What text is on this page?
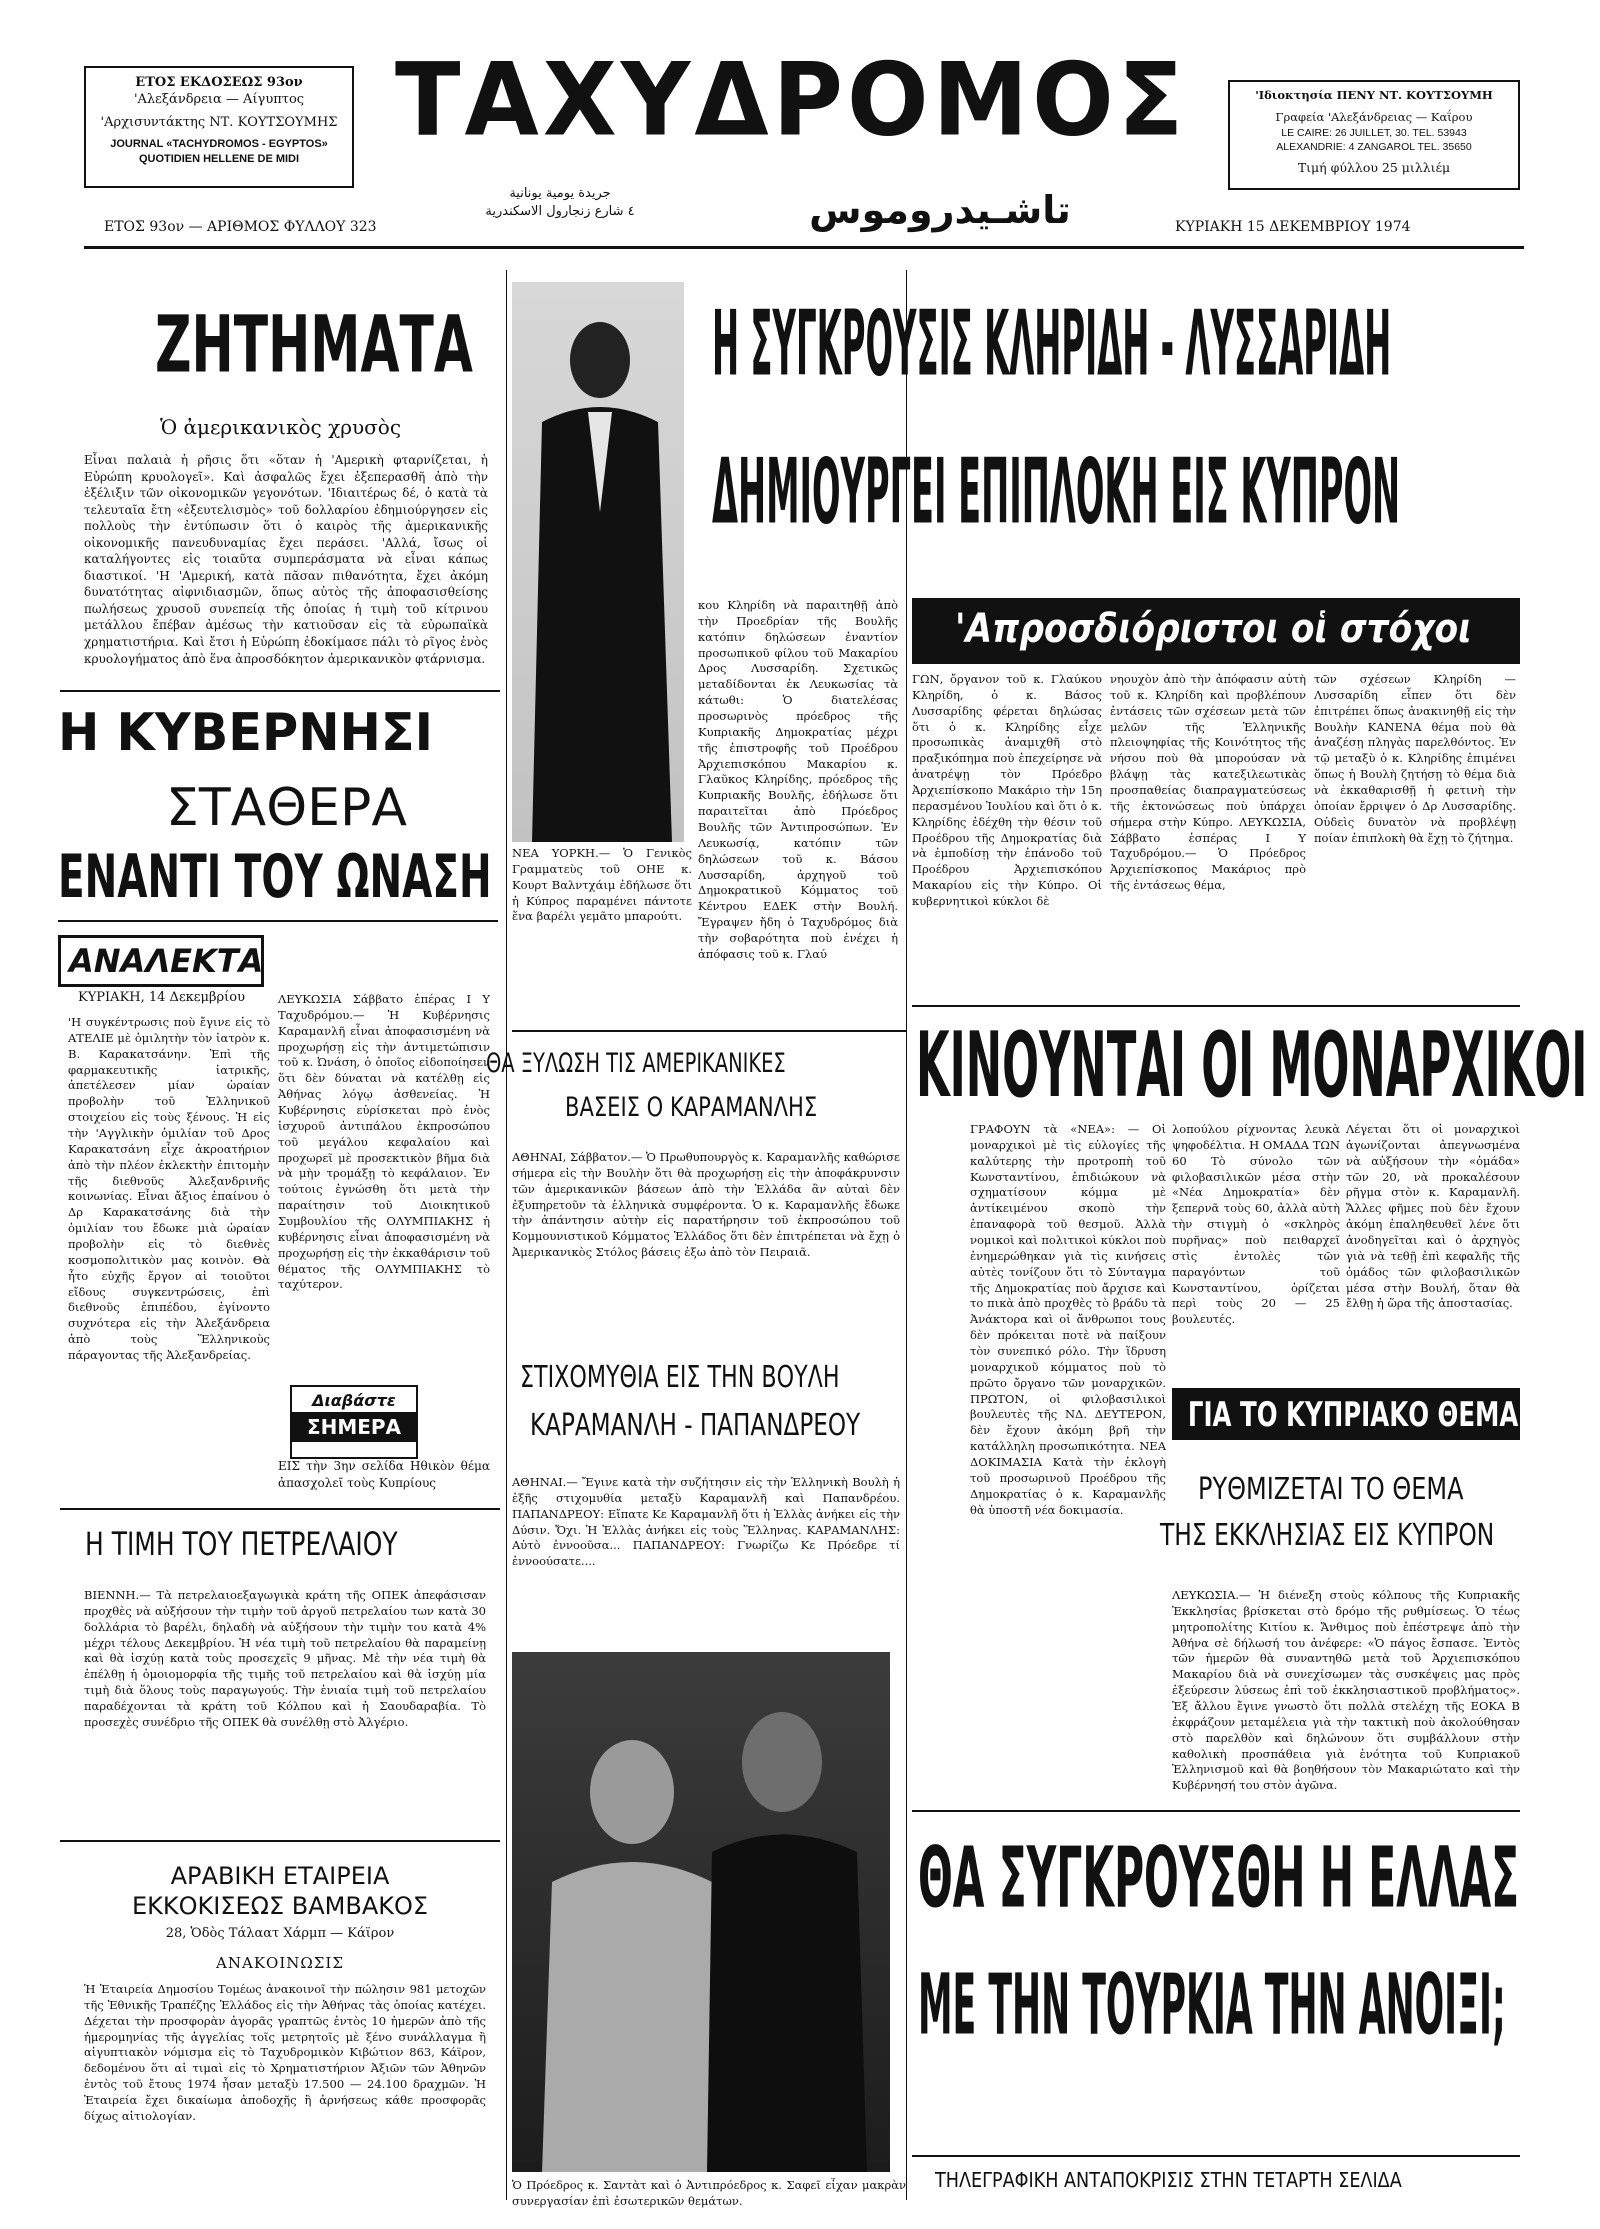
ΕΤΟΣ ΕΚΔΟΣΕΩΣ 93ον
'Αλεξάνδρεια — Αίγυπτος
'Αρχισυντάκτης ΝΤ. ΚΟΥΤΣΟΥΜΗΣ
JOURNAL «TACHYDROMOS - EGYPTOS»
QUOTIDIEN HELLENE DE MIDI
ΤΑΧΥΔΡΟΜΟΣ	'Ιδιοκτησία ΠΕΝΥ ΝΤ. ΚΟΥΤΣΟΥΜΗ
Γραφεία 'Αλεξάνδρειας — Καΐρου
LE CAIRE: 26 JUILLET, 30. TEL. 53943
ALEXANDRIE: 4 ZANGAROL TEL. 35650
Τιμή φύλλου 25 μιλλιέμ
جريدة يومية يونانية
٤ شارع زنجارول الاسكندرية	تاشـيدروموس
ΕΤΟΣ 93ον — ΑΡΙΘΜΟΣ ΦΥΛΛΟΥ 323	ΚΥΡΙΑΚΗ 15 ΔΕΚΕΜΒΡΙΟΥ 1974
ΖΗΤΗΜΑΤΑ
Ὁ ἀμερικανικὸς χρυσὸς
Εἶναι παλαιὰ ἡ ρῆσις ὅτι «ὅταν ἡ 'Αμερικὴ φταρνίζεται, ἡ Εὐρώπη κρυολογεῖ». Καὶ ἀσφαλῶς ἔχει ἐξεπερασθῆ ἀπὸ τὴν ἐξέλιξιν τῶν οἰκονομικῶν γεγονότων. 'Ιδιαιτέρως δέ, ὁ κατὰ τὰ τελευταῖα ἔτη «ἐξευτελισμὸς» τοῦ δολλαρίου ἐδημιούργησεν εἰς πολλοὺς τὴν ἐντύπωσιν ὅτι ὁ καιρὸς τῆς ἀμερικανικῆς οἰκονομικῆς πανευδυναμίας ἔχει περάσει. 'Αλλά, ἴσως οἱ καταλήγοντες εἰς τοιαῦτα συμπεράσματα νὰ εἶναι κάπως διαστικοί. 'Η 'Αμερική, κατὰ πᾶσαν πιθανότητα, ἔχει ἀκόμη δυνατότητας αἰφνιδιασμῶν, ὅπως αὐτὸς τῆς ἀποφασισθείσης πωλήσεως χρυσοῦ συνεπείᾳ τῆς ὁποίας ἡ τιμὴ τοῦ κίτρινου μετάλλου ἔπέβαν ἀμέσως τὴν κατιοῦσαν εἰς τὰ εὐρωπαϊκὰ χρηματιστήρια. Καὶ ἔτσι ἡ Εὐρώπη ἐδοκίμασε πάλι τὸ ρῖγος ἑνὸς κρυολογήματος ἀπὸ ἕνα ἀπροσδόκητον ἀμερικανικὸν φτάρνισμα.
Η ΚΥΒΕΡΝΗΣΙ
ΣΤΑΘΕΡΑ
ΕΝΑΝΤΙ ΤΟΥ ΩΝΑΣΗ
ΑΝΑΛΕΚΤΑ
ΚΥΡΙΑΚΗ, 14 Δεκεμβρίου
'Η συγκέντρωσις ποὺ ἔγινε εἰς τὸ ΑΤΕΛΙΕ μὲ ὁμιλητὴν τὸν ἰατρὸν κ. Β. Καρακατσάνην. Ἐπὶ τῆς φαρμακευτικῆς ἰατρικῆς, ἀπετέλεσεν μίαν ὡραίαν προβολὴν τοῦ Ἑλληνικοῦ στοιχείου εἰς τοὺς ξένους. Ἡ εἰς τὴν 'Αγγλικὴν ὁμιλίαν τοῦ Δρος Καρακατσάνη εἶχε ἀκροατήριον ἀπὸ τὴν πλέον ἐκλεκτὴν ἐπιτομὴν τῆς διεθνοῦς Ἀλεξανδρινῆς κοινωνίας. Εἶναι ἄξιος ἐπαίνου ὁ Δρ Καρακατσάνης διὰ τὴν ὁμιλίαν του ἔδωκε μιὰ ὡραίαν προβολὴν εἰς τὸ διεθνὲς κοσμοπολιτικὸν μας κοινὸν. Θὰ ἦτο εὐχῆς ἔργον αἱ τοιοῦτοι εἴδους συγκεντρώσεις, ἐπὶ διεθνοῦς ἐπιπέδου, ἐγίνοντο συχνότερα εἰς τὴν Ἀλεξάνδρεια ἀπὸ τοὺς Ἕλληνικοὺς πάραγοντας τῆς Ἀλεξανδρείας.
ΛΕΥΚΩΣΙΑ Σάββατο ἐπέρας Ι Υ Ταχυδρόμου.— Ἡ Κυβέρνησις Καραμανλῆ εἶναι ἀποφασισμένη νὰ προχωρήσῃ εἰς τὴν ἀντιμετώπισιν τοῦ κ. Ὠνάση, ὁ ὁποῖος εἰδοποίησεν ὅτι δὲν δύναται νὰ κατέλθῃ εἰς Ἀθήνας λόγῳ ἀσθενείας. Ἡ Κυβέρνησις εὑρίσκεται πρὸ ἑνὸς ἰσχυροῦ ἀντιπάλου ἐκπροσώπου τοῦ μεγάλου κεφαλαίου καὶ προχωρεῖ μὲ προσεκτικὸν βῆμα διὰ νὰ μὴν τρομάξῃ τὸ κεφάλαιον. Ἐν τούτοις ἐγνώσθη ὅτι μετὰ τὴν παραίτησιν τοῦ Διοικητικοῦ Συμβουλίου τῆς ΟΛΥΜΠΙΑΚΗΣ ἡ κυβέρνησις εἶναι ἀποφασισμένη νὰ προχωρήσῃ εἰς τὴν ἐκκαθάρισιν τοῦ θέματος τῆς ΟΛΥΜΠΙΑΚΗΣ τὸ ταχύτερον.
Διαβάστε
ΣΗΜΕΡΑ
ΕΙΣ τὴν 3ην σελίδα Ηθικὸν θέμα ἀπασχολεῖ τοὺς Κυπρίους
Η ΤΙΜΗ ΤΟΥ ΠΕΤΡΕΛΑΙΟΥ
ΒΙΕΝΝΗ.— Τὰ πετρελαιοεξαγωγικὰ κράτη τῆς ΟΠΕΚ ἀπεφάσισαν προχθὲς νὰ αὐξήσουν τὴν τιμὴν τοῦ ἀργοῦ πετρελαίου των κατὰ 30 δολλάρια τὸ βαρέλι, δηλαδὴ νὰ αὐξήσουν τὴν τιμὴν του κατὰ 4% μέχρι τέλους Δεκεμβρίου. Ἡ νέα τιμὴ τοῦ πετρελαίου θὰ παραμείνῃ καὶ θὰ ἰσχύῃ κατὰ τοὺς προσεχεῖς 9 μῆνας. Μὲ τὴν νέα τιμὴ θὰ ἐπέλθῃ ἡ ὁμοιομορφία τῆς τιμῆς τοῦ πετρελαίου καὶ θὰ ἰσχύῃ μία τιμὴ διὰ ὅλους τοὺς παραγωγούς. Τὴν ἑνιαία τιμὴ τοῦ πετρελαίου παραδέχονται τὰ κράτη τοῦ Κόλπου καὶ ἡ Σαουδαραβία. Τὸ προσεχὲς συνέδριο τῆς ΟΠΕΚ θὰ συνέλθῃ στὸ Ἀλγέριο.
ΑΡΑΒΙΚΗ ΕΤΑΙΡΕΙΑ
ΕΚΚΟΚΙΣΕΩΣ ΒΑΜΒΑΚΟΣ
28, Ὁδὸς Τάλαατ Χάρμπ — Κάϊρον
ΑΝΑΚΟΙΝΩΣΙΣ
Ἡ Ἑταιρεία Δημοσίου Τομέως ἀνακοινοῖ τὴν πώλησιν 981 μετοχῶν τῆς Ἐθνικῆς Τραπέζης Ἑλλάδος εἰς τὴν Ἀθήνας τὰς ὁποίας κατέχει. Δέχεται τὴν προσφορὰν ἀγορᾶς γραπτῶς ἐντὸς 10 ἡμερῶν ἀπὸ τῆς ἡμερομηνίας τῆς ἀγγελίας τοῖς μετρητοῖς μὲ ξένο συνάλλαγμα ἢ αἰγυπτιακὸν νόμισμα εἰς τὸ Ταχυδρομικὸν Κιβώτιον 863, Κάϊρον, δεδομένου ὅτι αἱ τιμαὶ εἰς τὸ Χρηματιστήριον Ἀξιῶν τῶν Ἀθηνῶν ἐντὸς τοῦ ἔτους 1974 ἦσαν μεταξὺ 17.500 — 24.100 δραχμῶν. Ἡ Ἑταιρεία ἔχει δικαίωμα ἀποδοχῆς ἢ ἀρνήσεως κάθε προσφορᾶς δίχως αἰτιολογίαν.
ΝΕΑ ΥΟΡΚΗ.— Ὁ Γενικὸς Γραμματεὺς τοῦ ΟΗΕ κ. Κουρτ Βαλντχάιμ ἐδήλωσε ὅτι ἡ Κύπρος παραμένει πάντοτε ἕνα βαρέλι γεμᾶτο μπαρούτι.
κου Κληρίδη νὰ παραιτηθῇ ἀπὸ τὴν Προεδρίαν τῆς Βουλῆς κατόπιν δηλώσεων ἐναντίον προσωπικοῦ φίλου τοῦ Μακαρίου Δρος Λυσσαρίδη. Σχετικῶς μεταδίδονται ἐκ Λευκωσίας τὰ κάτωθι: Ὁ διατελέσας προσωρινὸς πρόεδρος τῆς Κυπριακῆς Δημοκρατίας μέχρι τῆς ἐπιστροφῆς τοῦ Προέδρου Ἀρχιεπισκόπου Μακαρίου κ. Γλαῦκος Κληρίδης, πρόεδρος τῆς Κυπριακῆς Βουλῆς, ἐδήλωσε ὅτι παραιτεῖται ἀπὸ Πρόεδρος Βουλῆς τῶν Ἀντιπροσώπων. Ἐν Λευκωσίᾳ, κατόπιν τῶν δηλώσεων τοῦ κ. Βάσου Λυσσαρίδη, ἀρχηγοῦ τοῦ Δημοκρατικοῦ Κόμματος τοῦ Κέντρου ΕΔΕΚ στὴν Βουλή. Ἔγραψεν ἤδη ὁ Ταχυδρόμος διὰ τὴν σοβαρότητα ποὺ ἐνέχει ἡ ἀπόφασις τοῦ κ. Γλαύ
ΘΑ ΞΥΛΩΣΗ ΤΙΣ ΑΜΕΡΙΚΑΝΙΚΕΣ
ΒΑΣΕΙΣ Ο ΚΑΡΑΜΑΝΛΗΣ
ΑΘΗΝΑΙ, Σάββατον.— Ὁ Πρωθυπουργὸς κ. Καραμανλῆς καθώρισε σήμερα εἰς τὴν Βουλὴν ὅτι θὰ προχωρήσῃ εἰς τὴν ἀποφάκρυνσιν τῶν ἀμερικανικῶν βάσεων ἀπὸ τὴν Ἑλλάδα ἂν αὐταὶ δὲν ἐξυπηρετοῦν τὰ ἑλληνικὰ συμφέροντα. Ὁ κ. Καραμανλῆς ἔδωκε τὴν ἀπάντησιν αὐτὴν εἰς παρατήρησιν τοῦ ἐκπροσώπου τοῦ Κομμουνιστικοῦ Κόμματος Ἑλλάδος ὅτι δὲν ἐπιτρέπεται νὰ ἔχῃ ὁ Ἀμερικανικὸς Στόλος βάσεις ἐξω ἀπὸ τὸν Πειραιᾶ.
ΣΤΙΧΟΜΥΘΙΑ ΕΙΣ ΤΗΝ ΒΟΥΛΗ
ΚΑΡΑΜΑΝΛΗ - ΠΑΠΑΝΔΡΕΟΥ
ΑΘΗΝΑΙ.— Ἔγινε κατὰ τὴν συζήτησιν εἰς τὴν Ἑλληνικὴ Βουλὴ ἡ ἑξῆς στιχομυθία μεταξὺ Καραμανλῆ καὶ Παπανδρέου. ΠΑΠΑΝΔΡΕΟΥ: Εἴπατε Κε Καραμανλῆ ὅτι ἡ Ἑλλὰς ἀνήκει εἰς τὴν Δύσιν. Ὄχι. Ἡ Ἑλλὰς ἀνήκει εἰς τοὺς Ἕλληνας. ΚΑΡΑΜΑΝΛΗΣ: Αὐτὸ ἐννοοῦσα... ΠΑΠΑΝΔΡΕΟΥ: Γνωρίζω Κε Πρόεδρε τί ἐννοούσατε....
Ὁ Πρόεδρος κ. Σαντὰτ καὶ ὁ Ἀντιπρόεδρος κ. Σαφεῖ εἶχαν μακρὰν συνεργασίαν ἐπὶ ἐσωτερικῶν θεμάτων.
Η ΣΥΓΚΡΟΥΣΙΣ ΚΛΗΡΙΔΗ - ΛΥΣΣΑΡΙΔΗ
ΔΗΜΙΟΥΡΓΕΙ ΕΠΙΠΛΟΚΗ ΕΙΣ ΚΥΠΡΟΝ
'Απροσδιόριστοι οἱ στόχοι
ΓΩΝ, ὄργανον τοῦ κ. Γλαύκου Κληρίδη, ὁ κ. Βάσος Λυσσαρίδης φέρεται δηλώσας ὅτι ὁ κ. Κληρίδης εἶχε προσωπικὰς ἀναμιχθῆ στὸ πραξικόπημα ποὺ ἐπεχείρησε νὰ ἀνατρέψῃ τὸν Πρόεδρο Ἀρχιεπίσκοπο Μακάριο τὴν 15η περασμένου Ἰουλίου καὶ ὅτι ὁ κ. Κληρίδης ἐδέχθη τὴν θέσιν τοῦ Προέδρου τῆς Δημοκρατίας διὰ νὰ ἐμποδίσῃ τὴν ἐπάνοδο τοῦ Προέδρου Ἀρχιεπισκόπου Μακαρίου εἰς τὴν Κύπρο. Οἱ κυβερνητικοὶ κύκλοι δὲ
νηουχὸν ἀπὸ τὴν ἀπόφασιν αὐτὴ τοῦ κ. Κληρίδη καὶ προβλέπουν ἐντάσεις τῶν σχέσεων μετὰ τῶν μελῶν τῆς Ἑλληνικῆς πλειοψηφίας τῆς Κοινότητος τῆς νήσου ποὺ θὰ μπορούσαν νὰ βλάψῃ τὰς κατεξιλεωτικὰς προσπαθείας διαπραγματεύσεως τῆς ἐκτονώσεως ποὺ ὑπάρχει σήμερα στὴν Κύπρο. ΛΕΥΚΩΣΙΑ, Σάββατο ἑσπέρας Ι Υ Ταχυδρόμου.— Ὁ Πρόεδρος Ἀρχιεπίσκοπος Μακάριος πρὸ τῆς ἐντάσεως θέμα,
τῶν σχέσεων Κληρίδη — Λυσσαρίδη εἶπεν ὅτι δὲν ἐπιτρέπει ὅπως ἀνακινηθῇ εἰς τὴν Βουλὴν ΚΑΝΕΝΑ θέμα ποὺ θὰ ἀναζέσῃ πληγὰς παρελθόντος. Ἐν τῷ μεταξὺ ὁ κ. Κληρίδης ἐπιμένει ὅπως ἡ Βουλὴ ζητήσῃ τὸ θέμα διὰ νὰ ἐκκαθαρισθῇ ἡ φετινὴ τὴν ὁποίαν ἔρριψεν ὁ Δρ Λυσσαρίδης. Οὐδεὶς δυνατὸν νὰ προβλέψῃ ποίαν ἐπιπλοκὴ θὰ ἔχῃ τὸ ζήτημα.
ΚΙΝΟΥΝΤΑΙ ΟΙ ΜΟΝΑΡΧΙΚΟΙ
ΓΡΑΦΟΥΝ τὰ «ΝΕΑ»: — Οἱ μοναρχικοὶ μὲ τὶς εὐλογίες τῆς καλύτερης τὴν προτροπὴ τοῦ Κωνσταντίνου, ἐπιδιώκουν νὰ σχηματίσουν κόμμα μὲ ἀντίκειμένου σκοπὸ τὴν ἐπαναφορὰ τοῦ θεσμοῦ. Ἀλλὰ νομικοὶ καὶ πολιτικοὶ κύκλοι ποὺ ἐνημερώθηκαν γιὰ τὶς κινήσεις αὐτὲς τονίζουν ὅτι τὸ Σύνταγμα τῆς Δημοκρατίας ποὺ ἄρχισε καὶ το πικὰ ἀπὸ προχθὲς τὸ βράδυ τὰ Ἀνάκτορα καὶ οἱ ἄνθρωποι τους δὲν πρόκειται ποτὲ νὰ παίξουν τὸν συνεπικό ρόλο. Τὴν ἵδρυση μοναρχικοῦ κόμματος ποὺ τὸ πρῶτο ὄργανο τῶν μοναρχικῶν. ΠΡΩΤΟΝ, οἱ φιλοβασιλικοὶ βουλευτὲς τῆς ΝΔ. ΔΕΥΤΕΡΟΝ, δὲν ἔχουν ἀκόμη βρῆ τὴν κατάλληλη προσωπικότητα. ΝΕΑ ΔΟΚΙΜΑΣΙΑ Κατὰ τὴν ἐκλογὴ τοῦ προσωρινοῦ Προέδρου τῆς Δημοκρατίας ὁ κ. Καραμανλῆς θὰ ὑποστῆ νέα δοκιμασία.
λοπούλου ρίχνοντας λευκὰ ψηφοδέλτια. Η ΟΜΑΔΑ ΤΩΝ 60 Τὸ σύνολο τῶν φιλοβασιλικῶν μέσα στὴν «Νέα Δημοκρατία» δὲν ξεπερνᾶ τοὺς 60, ἀλλὰ αὐτὴ τὴν στιγμὴ ὁ «σκληρὸς πυρῆνας» ποὺ πειθαρχεῖ στὶς ἐντολὲς τῶν παραγόντων τοῦ Κωνσταντίνου, ὁρίζεται περὶ τοὺς 20 — 25 βουλευτές.
Λέγεται ὅτι οἱ μοναρχικοὶ ἀγωνίζονται ἀπεγνωσμένα νὰ αὐξήσουν τὴν «ὁμάδα» τῶν 20, νὰ προκαλέσουν ρῆγμα στὸν κ. Καραμανλῆ. Ἄλλες φῆμες ποὺ δὲν ἔχουν ἀκόμη ἐπαληθευθεῖ λένε ὅτι ἀνοδηγεῖται καὶ ὁ ἀρχηγὸς γιὰ νὰ τεθῇ ἐπὶ κεφαλῆς τῆς ὁμάδος τῶν φιλοβασιλικῶν μέσα στὴν Βουλή, ὅταν θὰ ἔλθῃ ἡ ὥρα τῆς ἀποστασίας.
ΓΙΑ ΤΟ ΚΥΠΡΙΑΚΟ ΘΕΜΑ
ΡΥΘΜΙΖΕΤΑΙ ΤΟ ΘΕΜΑ
ΤΗΣ ΕΚΚΛΗΣΙΑΣ ΕΙΣ ΚΥΠΡΟΝ
ΛΕΥΚΩΣΙΑ.— Ἡ διένεξη στοὺς κόλπους τῆς Κυπριακῆς Ἐκκλησίας βρίσκεται στὸ δρόμο τῆς ρυθμίσεως. Ὁ τέως μητροπολίτης Κιτίου κ. Ἄνθιμος ποὺ ἐπέστρεψε ἀπὸ τὴν Ἀθήνα σὲ δήλωσή του ἀνέφερε: «Ὁ πάγος ἔσπασε. Ἐντὸς τῶν ἡμερῶν θὰ συναντηθῶ μετὰ τοῦ Ἀρχιεπισκόπου Μακαρίου διὰ νὰ συνεχίσωμεν τὰς συσκέψεις μας πρὸς ἐξεύρεσιν λύσεως ἐπὶ τοῦ ἐκκλησιαστικοῦ προβλήματος». Ἐξ ἄλλου ἔγινε γνωστὸ ὅτι πολλὰ στελέχη τῆς ΕΟΚΑ Β ἐκφράζουν μεταμέλεια γιὰ τὴν τακτικὴ ποὺ ἀκολούθησαν στὸ παρελθὸν καὶ δηλώνουν ὅτι συμβάλλουν στὴν καθολικὴ προσπάθεια γιὰ ἑνότητα τοῦ Κυπριακοῦ Ἑλληνισμοῦ καὶ θὰ βοηθήσουν τὸν Μακαριώτατο καὶ τὴν Κυβέρνησή του στὸν ἀγῶνα.
ΘΑ ΣΥΓΚΡΟΥΣΘΗ Η ΕΛΛΑΣ
ΜΕ ΤΗΝ ΤΟΥΡΚΙΑ ΤΗΝ ΑΝΟΙΞΙ;
ΤΗΛΕΓΡΑΦΙΚΗ ΑΝΤΑΠΟΚΡΙΣΙΣ ΣΤΗΝ ΤΕΤΑΡΤΗ ΣΕΛΙΔΑ
